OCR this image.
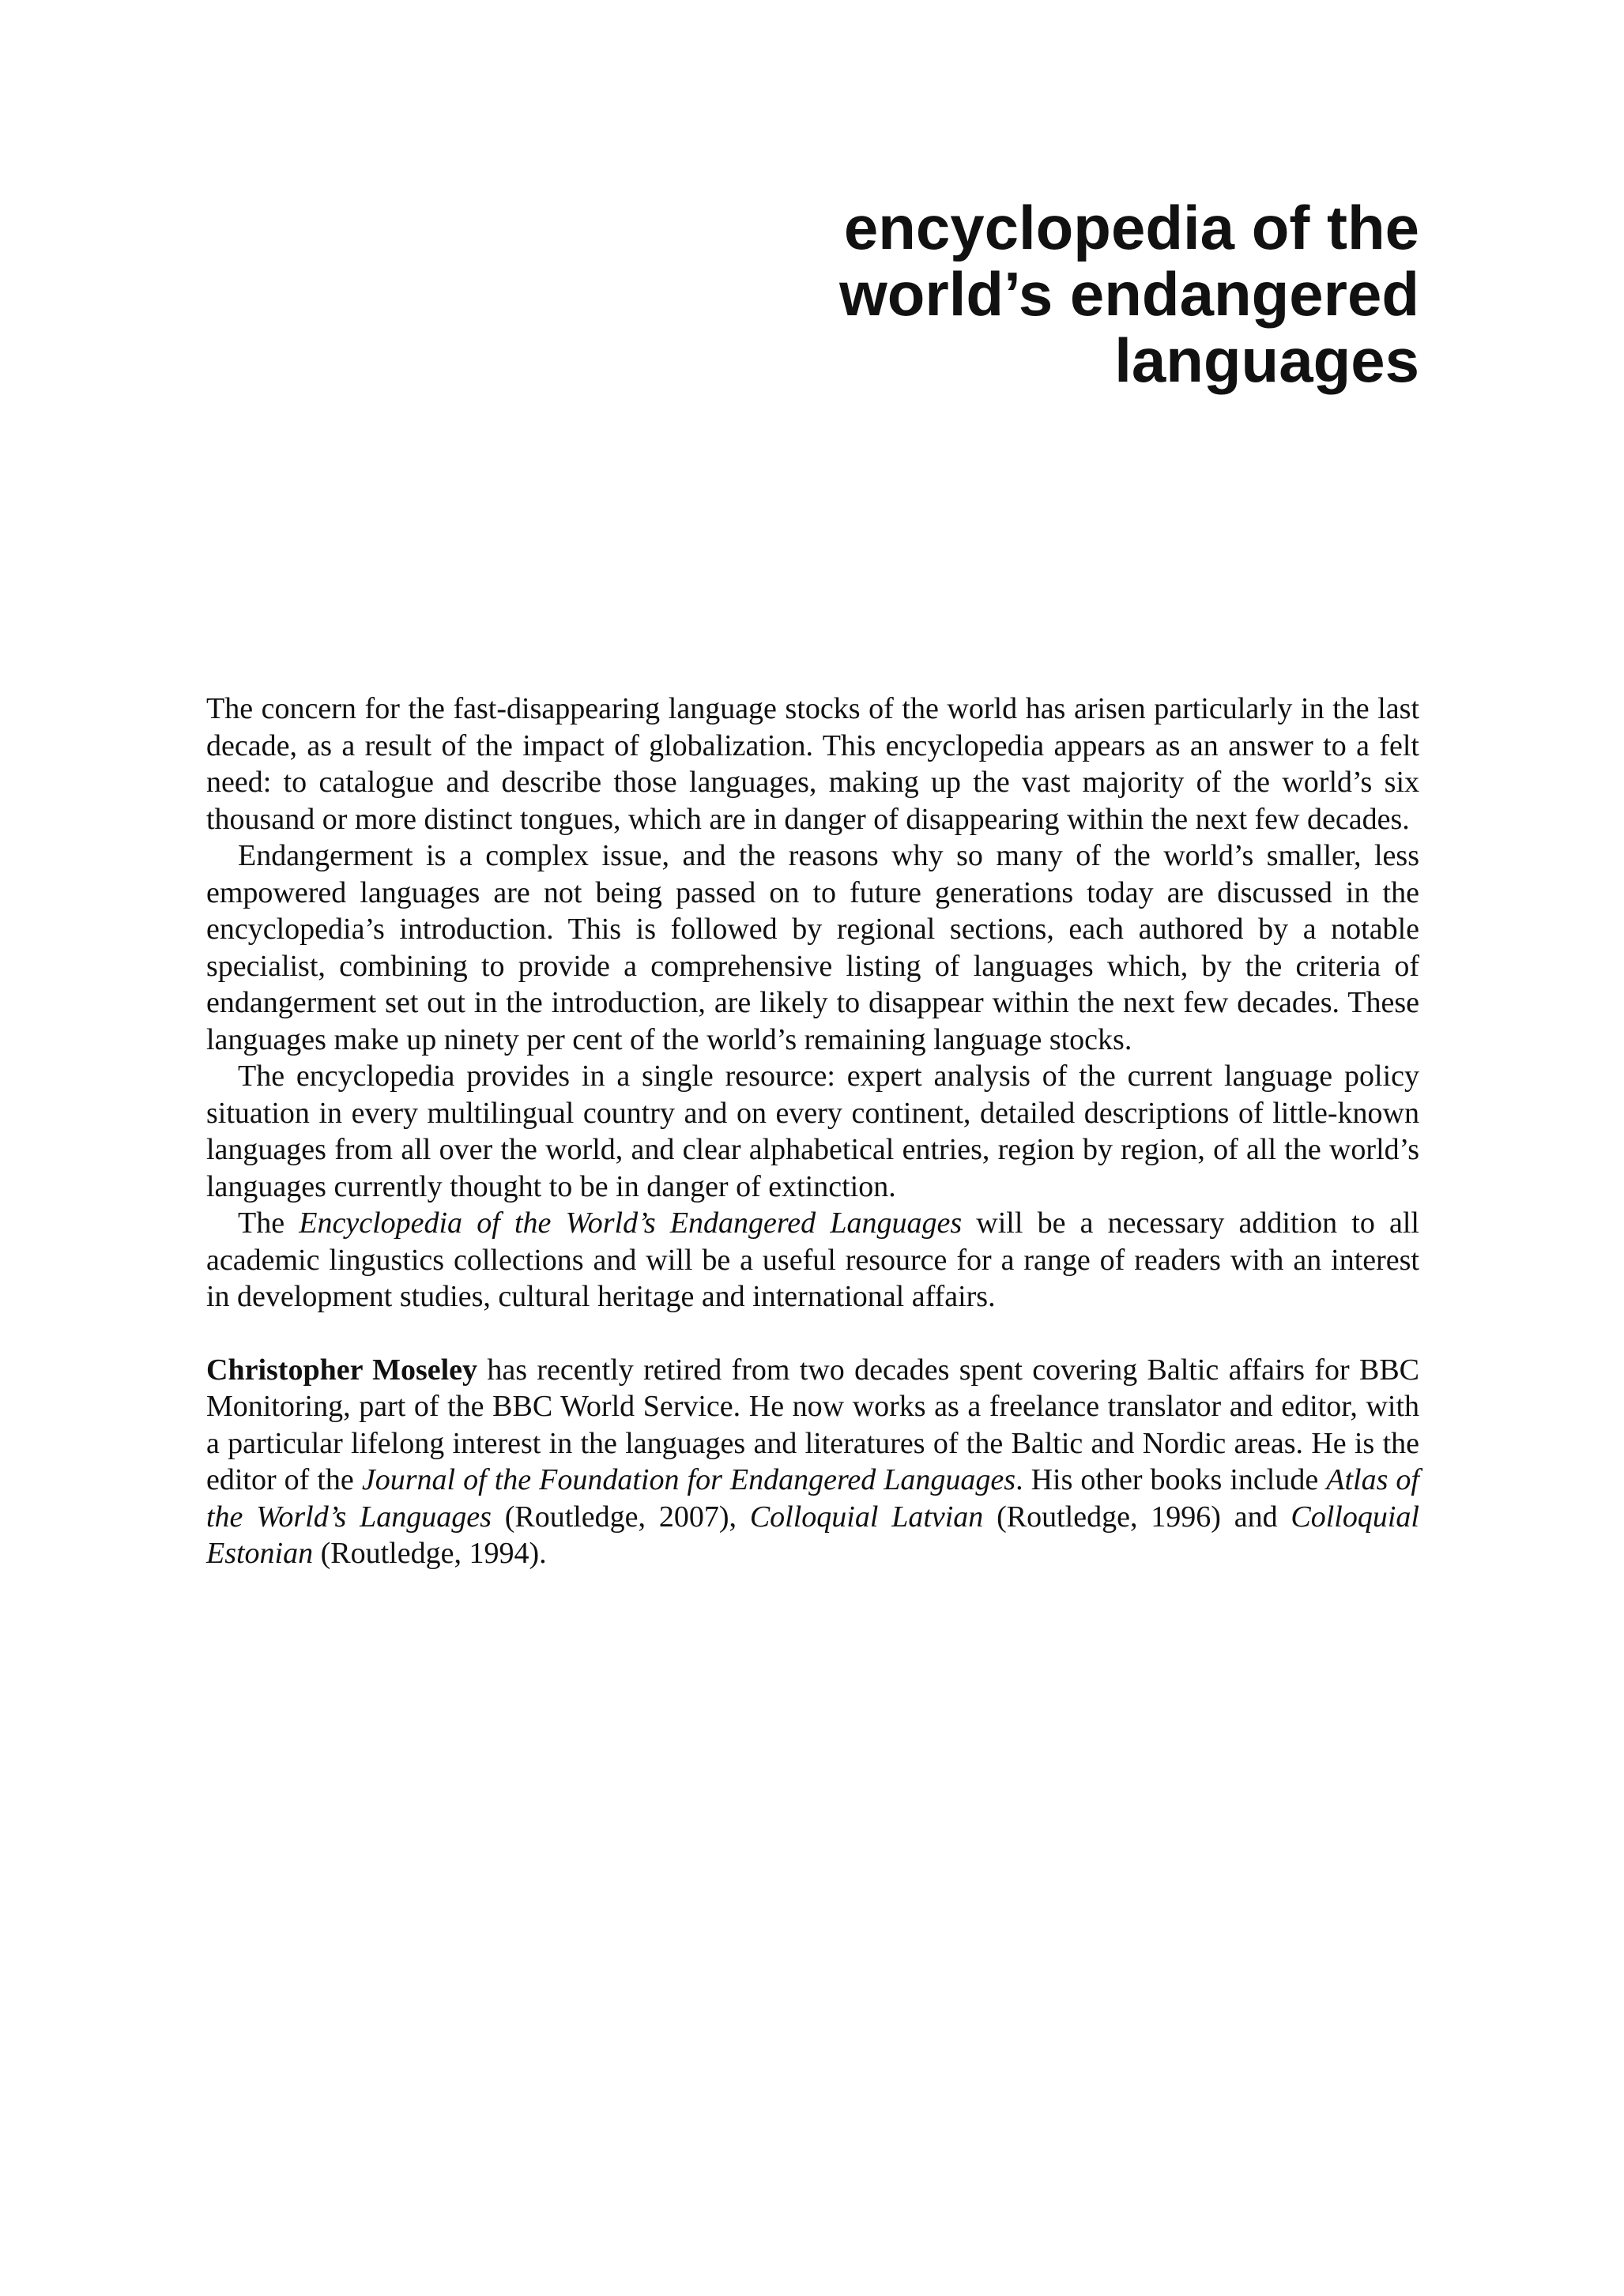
encyclopedia of the
world’s endangered
languages

The concern for the fast-disappearing language stocks of the world has arisen particularly in the last decade, as a result of the impact of globalization. This encyclopedia appears as an answer to a felt need: to catalogue and describe those languages, making up the vast majority of the world’s six thousand or more distinct tongues, which are in danger of disappearing within the next few decades.

Endangerment is a complex issue, and the reasons why so many of the world’s smaller, less empowered languages are not being passed on to future generations today are discussed in the encyclopedia’s introduction. This is followed by regional sections, each authored by a notable specialist, combining to provide a comprehensive listing of languages which, by the criteria of endangerment set out in the introduction, are likely to disappear within the next few decades. These languages make up ninety per cent of the world’s remaining language stocks.

The encyclopedia provides in a single resource: expert analysis of the current language policy situation in every multilingual country and on every continent, detailed descriptions of little-known languages from all over the world, and clear alphabetical entries, region by region, of all the world’s languages currently thought to be in danger of extinction.

The Encyclopedia of the World’s Endangered Languages will be a necessary addition to all academic lingustics collections and will be a useful resource for a range of readers with an interest in development studies, cultural heritage and international affairs.

Christopher Moseley has recently retired from two decades spent covering Baltic affairs for BBC Monitoring, part of the BBC World Service. He now works as a freelance translator and editor, with a particular lifelong interest in the languages and literatures of the Baltic and Nordic areas. He is the editor of the Journal of the Foundation for Endangered Languages. His other books include Atlas of the World’s Languages (Routledge, 2007), Colloquial Latvian (Routledge, 1996) and Colloquial Estonian (Routledge, 1994).
